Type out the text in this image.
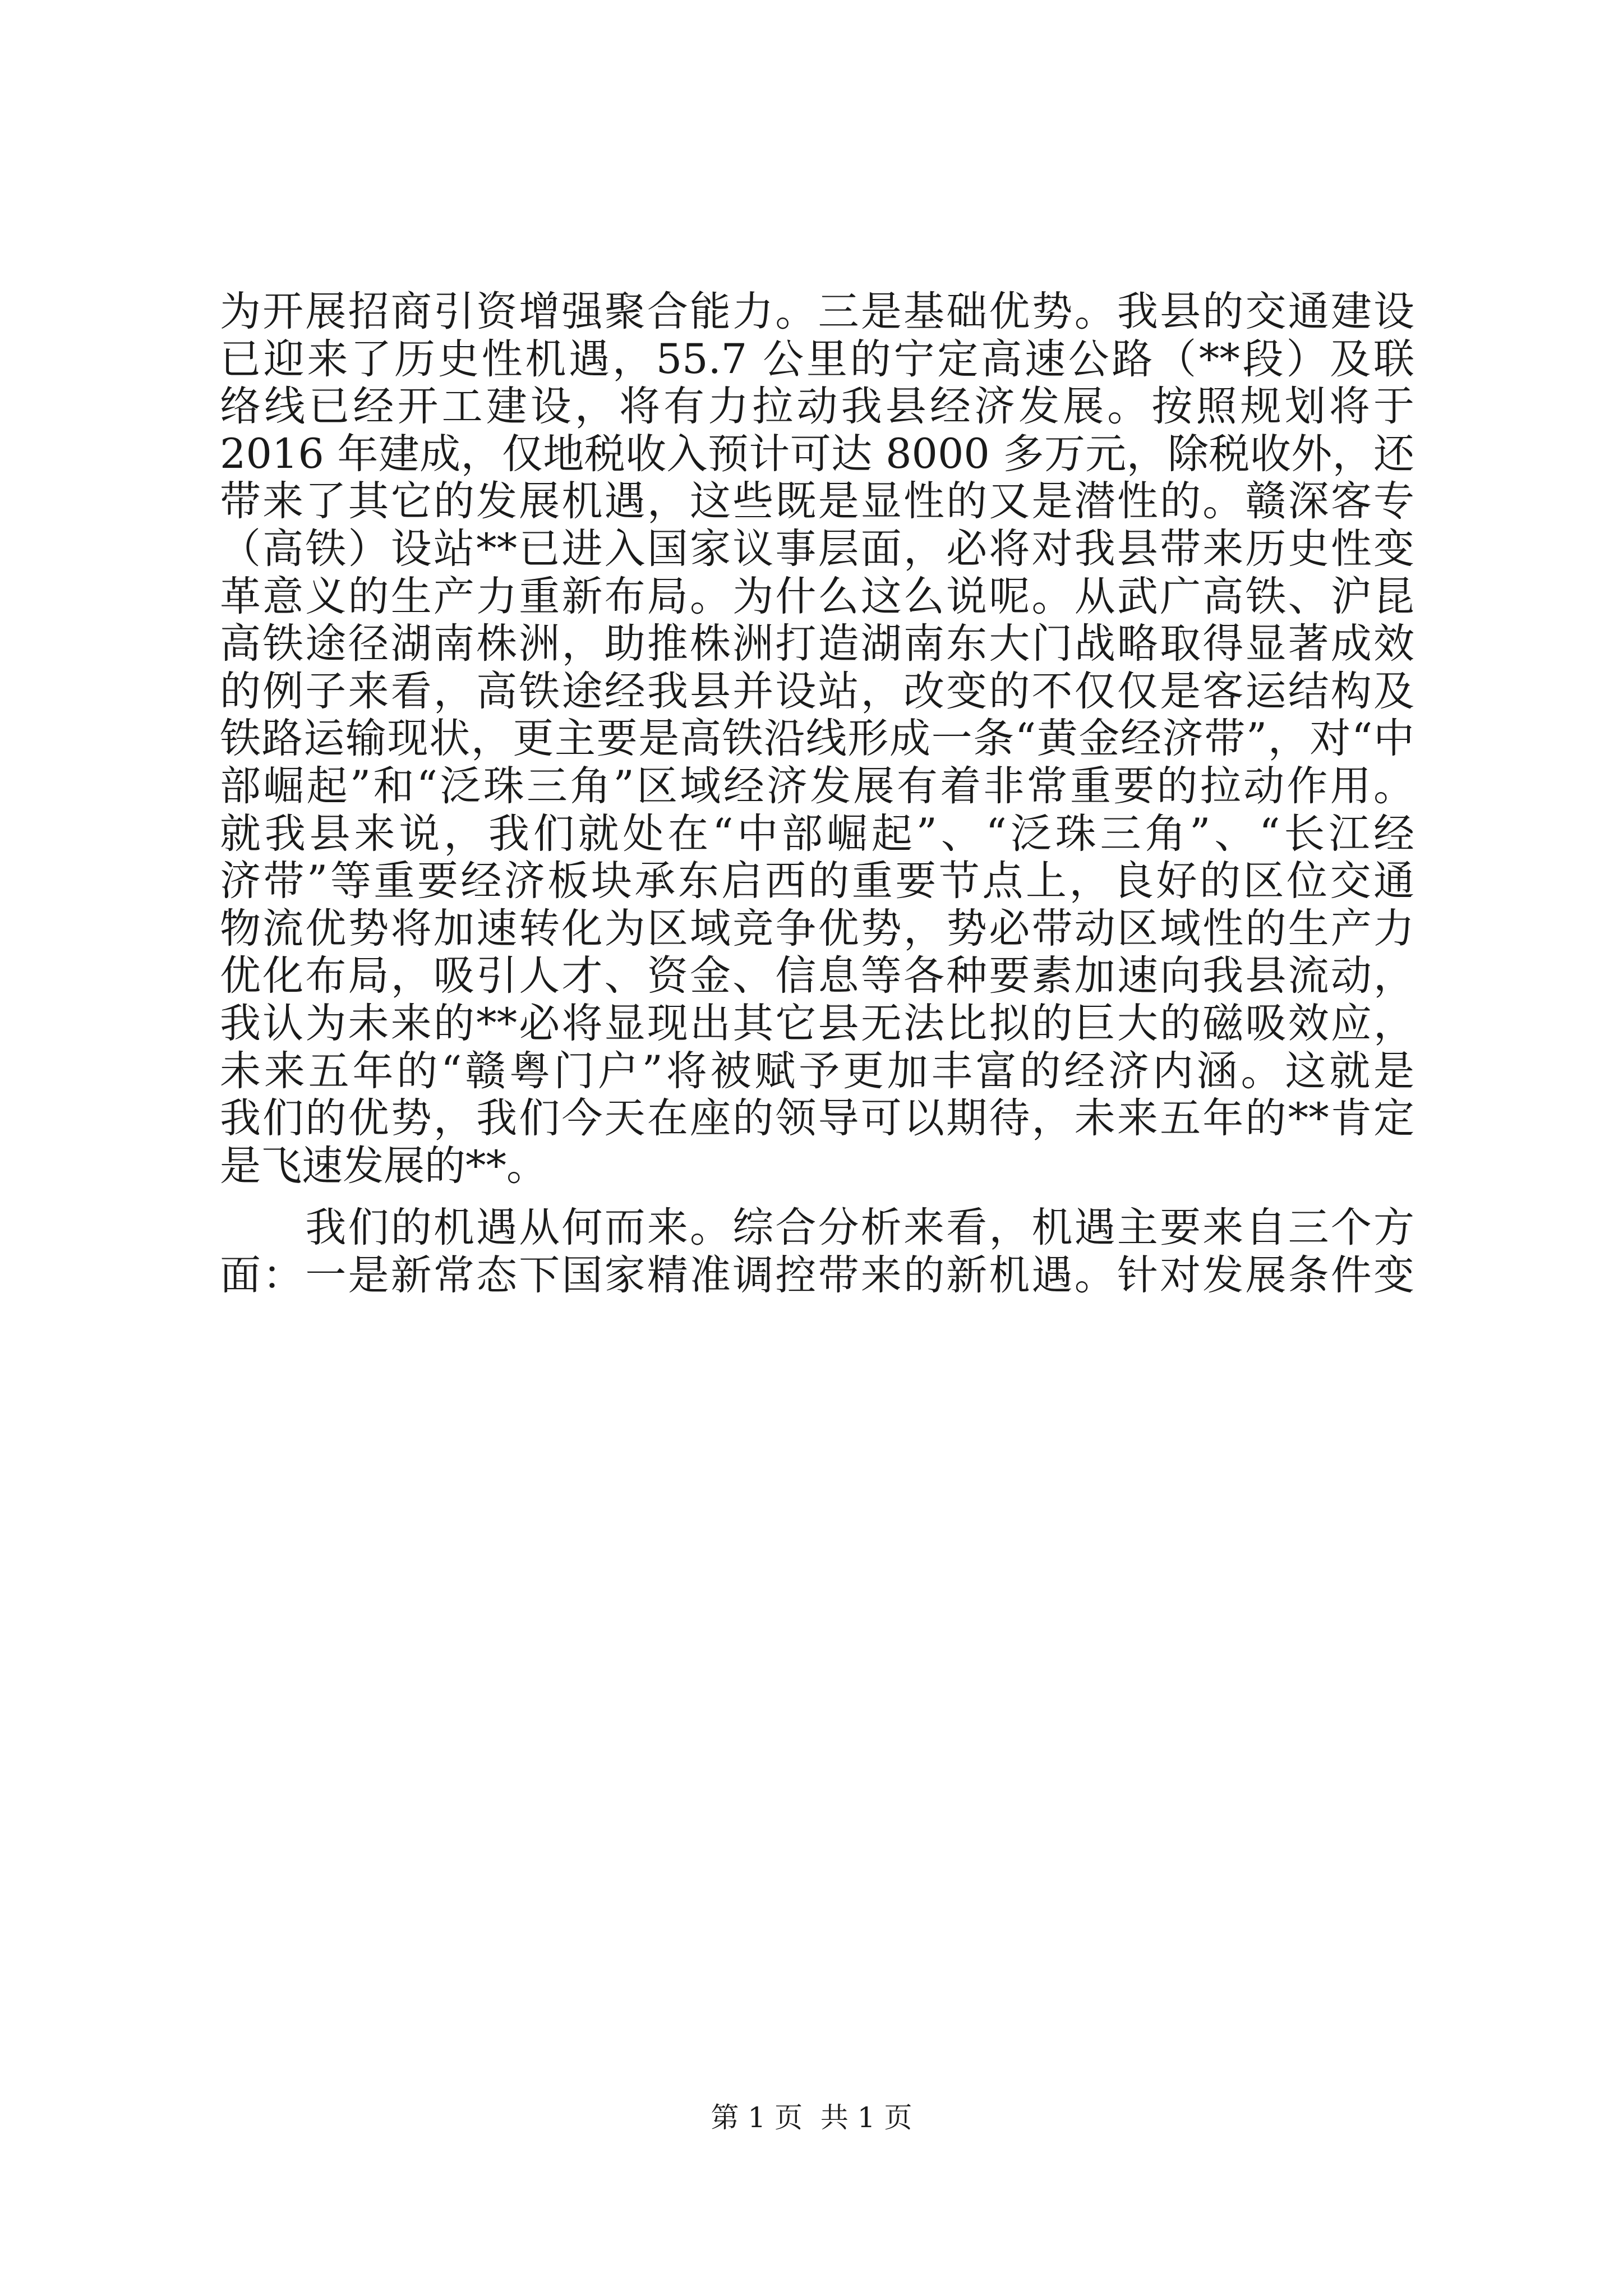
为开展招商引资增强聚合能力。三是基础优势。我县的交通建设
已迎来了历史性机遇，55.7 公里的宁定高速公路（**段）及联
络线已经开工建设，将有力拉动我县经济发展。按照规划将于
2016 年建成，仅地税收入预计可达 8000 多万元，除税收外，还
带来了其它的发展机遇，这些既是显性的又是潜性的。赣深客专
（高铁）设站**已进入国家议事层面，必将对我县带来历史性变
革意义的生产力重新布局。为什么这么说呢。从武广高铁、沪昆
高铁途径湖南株洲，助推株洲打造湖南东大门战略取得显著成效
的例子来看，高铁途经我县并设站，改变的不仅仅是客运结构及
铁路运输现状，更主要是高铁沿线形成一条“黄金经济带”，对“中
部崛起”和“泛珠三角”区域经济发展有着非常重要的拉动作用。
就我县来说，我们就处在“中部崛起”、“泛珠三角”、“长江经
济带”等重要经济板块承东启西的重要节点上，良好的区位交通
物流优势将加速转化为区域竞争优势，势必带动区域性的生产力
优化布局，吸引人才、资金、信息等各种要素加速向我县流动，
我认为未来的**必将显现出其它县无法比拟的巨大的磁吸效应，
未来五年的“赣粤门户”将被赋予更加丰富的经济内涵。这就是
我们的优势，我们今天在座的领导可以期待，未来五年的**肯定
是飞速发展的**。
　　我们的机遇从何而来。综合分析来看，机遇主要来自三个方
面：一是新常态下国家精准调控带来的新机遇。针对发展条件变
第 1 页  共 1 页
